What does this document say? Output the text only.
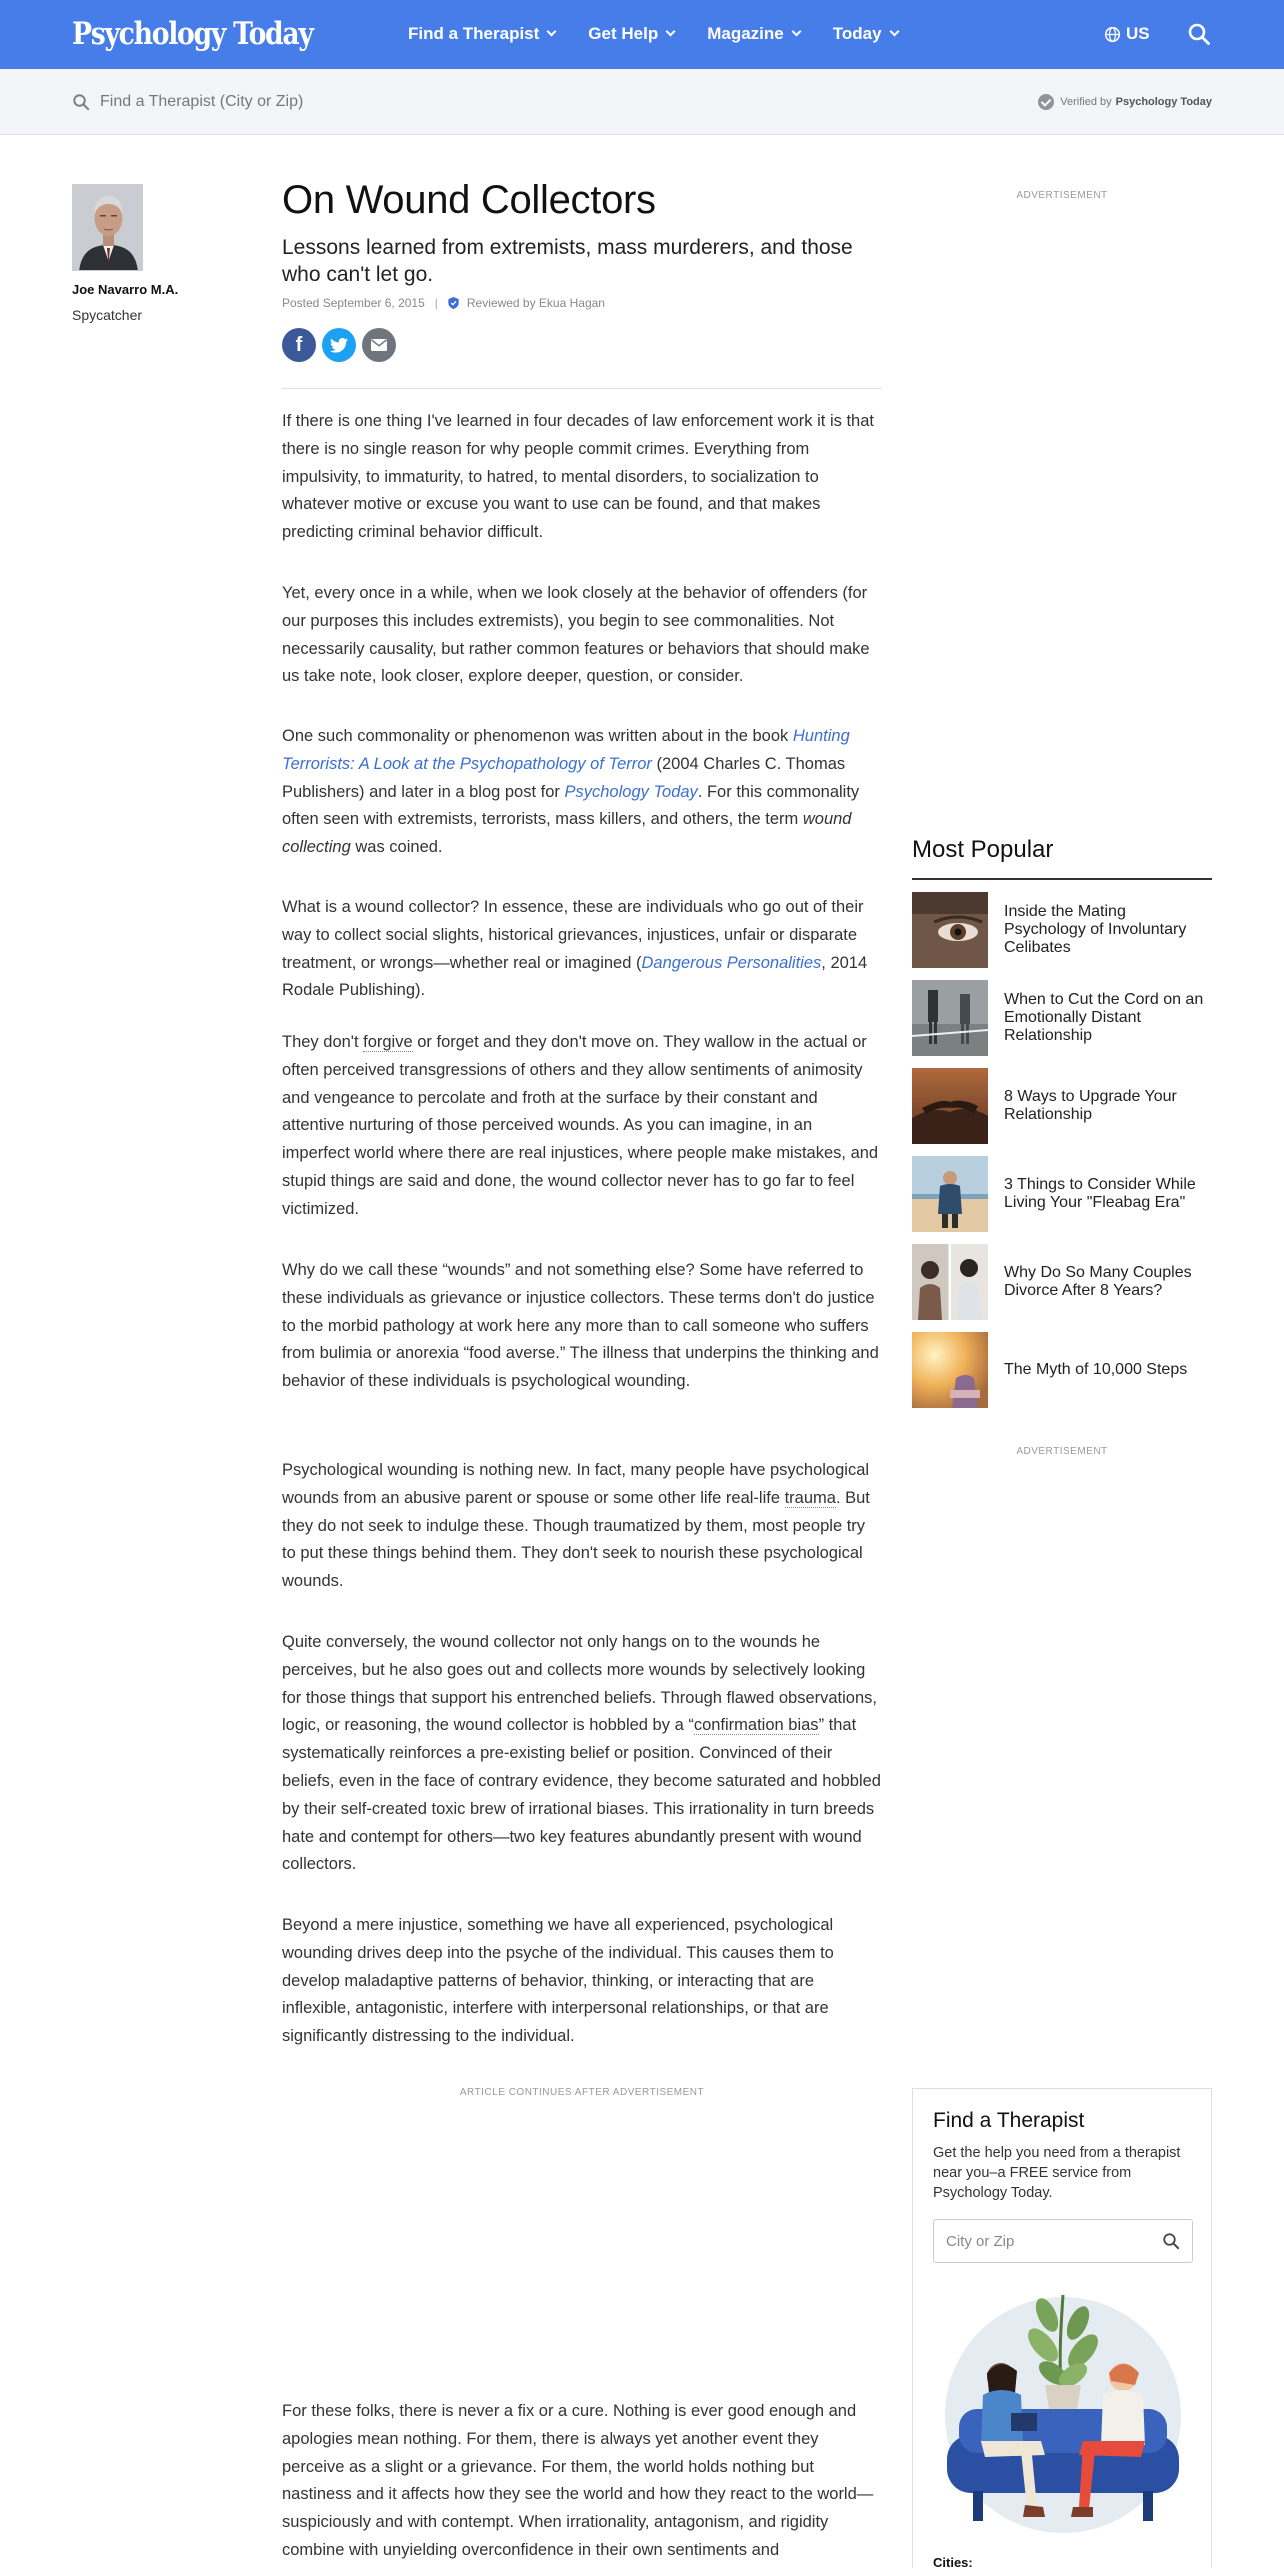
Psychology Today	Find a Therapist	Get Help	Magazine	Today	US
Find a Therapist (City or Zip)
Verified by Psychology Today
Joe Navarro M.A.
Spycatcher
On Wound Collectors
Lessons learned from extremists, mass murderers, and those who can't let go.
Posted September 6, 2015 | Reviewed by Ekua Hagan
f

If there is one thing I've learned in four decades of law enforcement work it is that there is no single reason for why people commit crimes. Everything from impulsivity, to immaturity, to hatred, to mental disorders, to socialization to whatever motive or excuse you want to use can be found, and that makes predicting criminal behavior difficult.

Yet, every once in a while, when we look closely at the behavior of offenders (for our purposes this includes extremists), you begin to see commonalities. Not necessarily causality, but rather common features or behaviors that should make us take note, look closer, explore deeper, question, or consider.

One such commonality or phenomenon was written about in the book Hunting Terrorists: A Look at the Psychopathology of Terror (2004 Charles C. Thomas Publishers) and later in a blog post for Psychology Today. For this commonality often seen with extremists, terrorists, mass killers, and others, the term wound collecting was coined.

What is a wound collector? In essence, these are individuals who go out of their way to collect social slights, historical grievances, injustices, unfair or disparate treatment, or wrongs—whether real or imagined (Dangerous Personalities, 2014 Rodale Publishing).

They don't forgive or forget and they don't move on. They wallow in the actual or often perceived transgressions of others and they allow sentiments of animosity and vengeance to percolate and froth at the surface by their constant and attentive nurturing of those perceived wounds. As you can imagine, in an imperfect world where there are real injustices, where people make mistakes, and stupid things are said and done, the wound collector never has to go far to feel victimized.

Why do we call these “wounds” and not something else? Some have referred to these individuals as grievance or injustice collectors. These terms don't do justice to the morbid pathology at work here any more than to call someone who suffers from bulimia or anorexia “food averse.” The illness that underpins the thinking and behavior of these individuals is psychological wounding.

Psychological wounding is nothing new. In fact, many people have psychological wounds from an abusive parent or spouse or some other life real-life trauma. But they do not seek to indulge these. Though traumatized by them, most people try to put these things behind them. They don't seek to nourish these psychological wounds.

Quite conversely, the wound collector not only hangs on to the wounds he perceives, but he also goes out and collects more wounds by selectively looking for those things that support his entrenched beliefs. Through flawed observations, logic, or reasoning, the wound collector is hobbled by a “confirmation bias” that systematically reinforces a pre-existing belief or position. Convinced of their beliefs, even in the face of contrary evidence, they become saturated and hobbled by their self-created toxic brew of irrational biases. This irrationality in turn breeds hate and contempt for others—two key features abundantly present with wound collectors.

Beyond a mere injustice, something we have all experienced, psychological wounding drives deep into the psyche of the individual. This causes them to develop maladaptive patterns of behavior, thinking, or interacting that are inflexible, antagonistic, interfere with interpersonal relationships, or that are significantly distressing to the individual.

ARTICLE CONTINUES AFTER ADVERTISEMENT

For these folks, there is never a fix or a cure. Nothing is ever good enough and apologies mean nothing. For them, there is always yet another event they perceive as a slight or a grievance. For them, the world holds nothing but nastiness and it affects how they see the world and how they react to the world—suspiciously and with contempt. When irrationality, antagonism, and rigidity combine with unyielding overconfidence in their own sentiments and

ADVERTISEMENT
Most Popular
Inside the Mating Psychology of Involuntary Celibates
When to Cut the Cord on an Emotionally Distant Relationship
8 Ways to Upgrade Your Relationship
3 Things to Consider While Living Your "Fleabag Era"
Why Do So Many Couples Divorce After 8 Years?
The Myth of 10,000 Steps
ADVERTISEMENT
Find a Therapist
Get the help you need from a therapist near you–a FREE service from Psychology Today.
City or Zip
Cities:
